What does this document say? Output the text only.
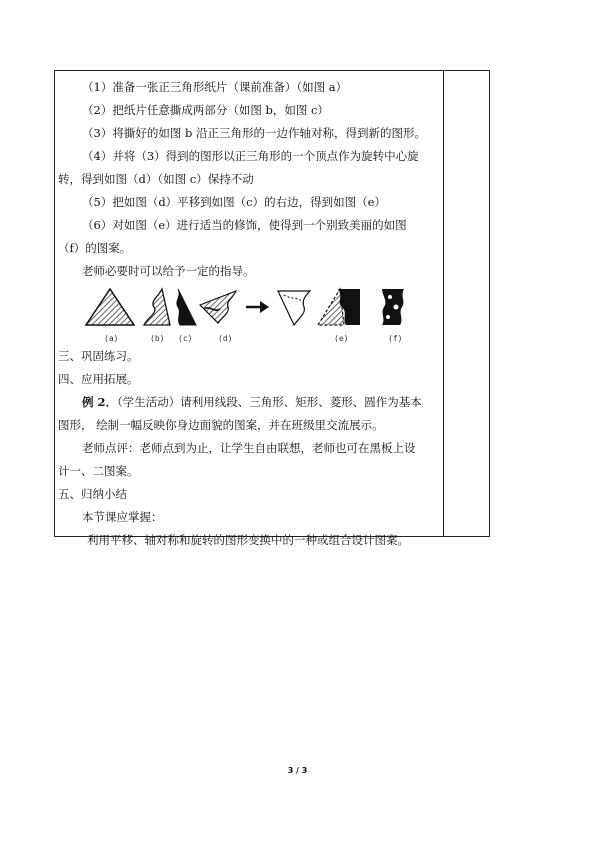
（1）准备一张正三角形纸片（课前准备）（如图 a）
（2）把纸片任意撕成两部分（如图 b，如图 c）
（3）将撕好的如图 b 沿正三角形的一边作轴对称，得到新的图形。
（4）并将（3）得到的图形以正三角形的一个顶点作为旋转中心旋
转，得到如图（d）（如图 c）保持不动
（5）把如图（d）平移到如图（c）的右边，得到如图（e）
（6）对如图（e）进行适当的修饰，使得到一个别致美丽的如图
（f）的图案。
老师必要时可以给予一定的指导。
(a)	(b) (c)	(d)	(e)	(f)
三、巩固练习。
四、应用拓展。
例 2．（学生活动）请利用线段、三角形、矩形、菱形、圆作为基本
图形， 绘制一幅反映你身边面貌的图案，并在班级里交流展示。
老师点评：老师点到为止，让学生自由联想，老师也可在黑板上设
计一、二图案。
五、归纳小结
本节课应掌握：
利用平移、轴对称和旋转的图形变换中的一种或组合设计图案。
3 / 3
